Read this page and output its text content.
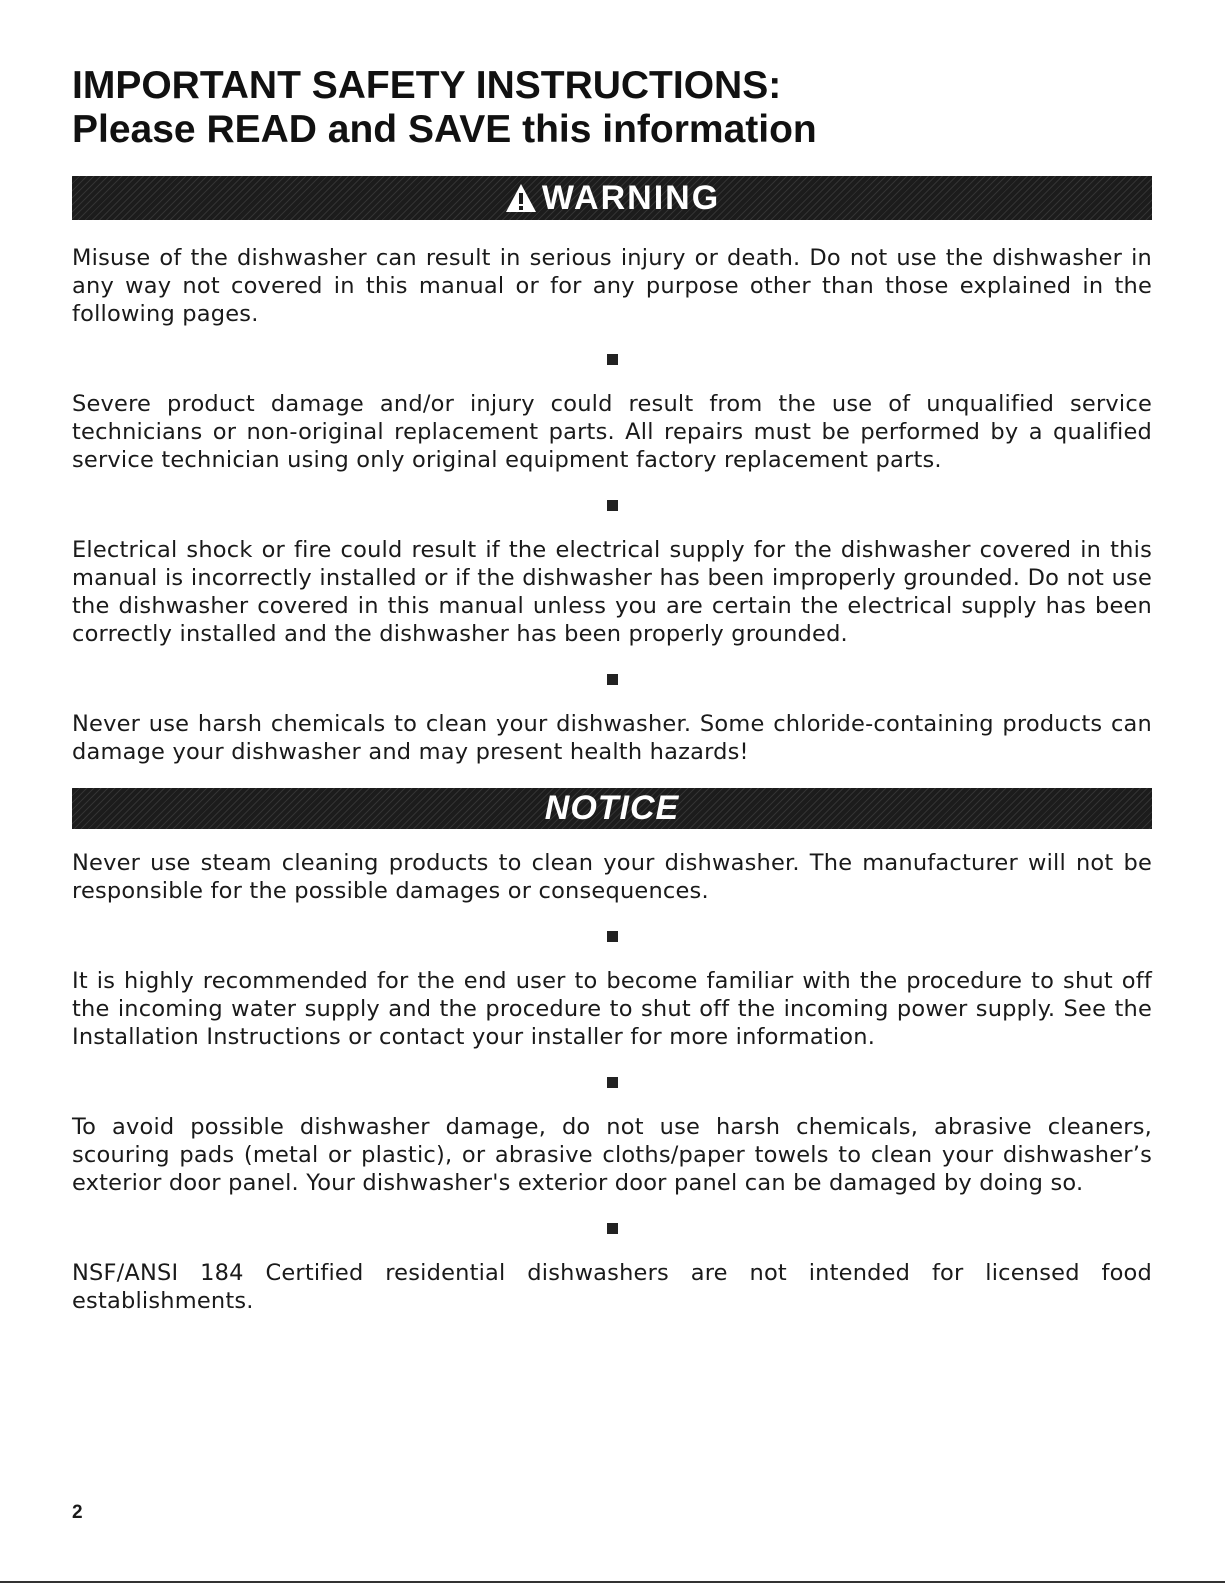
IMPORTANT SAFETY INSTRUCTIONS:
Please READ and SAVE this information
WARNING

Misuse of the dishwasher can result in serious injury or death. Do not use the dishwasher in any way not covered in this manual or for any purpose other than those explained in the following pages.

Severe product damage and/or injury could result from the use of unqualified service technicians or non-original replacement parts. All repairs must be performed by a qualified service technician using only original equipment factory replacement parts.

Electrical shock or fire could result if the electrical supply for the dishwasher covered in this manual is incorrectly installed or if the dishwasher has been improperly grounded. Do not use the dishwasher covered in this manual unless you are certain the electrical supply has been correctly installed and the dishwasher has been properly grounded.

Never use harsh chemicals to clean your dishwasher. Some chloride-containing products can damage your dishwasher and may present health hazards!

NOTICE

Never use steam cleaning products to clean your dishwasher. The manufacturer will not be responsible for the possible damages or consequences.

It is highly recommended for the end user to become familiar with the procedure to shut off the incoming water supply and the procedure to shut off the incoming power supply. See the Installation Instructions or contact your installer for more information.

To avoid possible dishwasher damage, do not use harsh chemicals, abrasive cleaners, scouring pads (metal or plastic), or abrasive cloths/paper towels to clean your dishwasher’s exterior door panel. Your dishwasher's exterior door panel can be damaged by doing so.

NSF/ANSI 184 Certified residential dishwashers are not intended for licensed food establishments.

2
